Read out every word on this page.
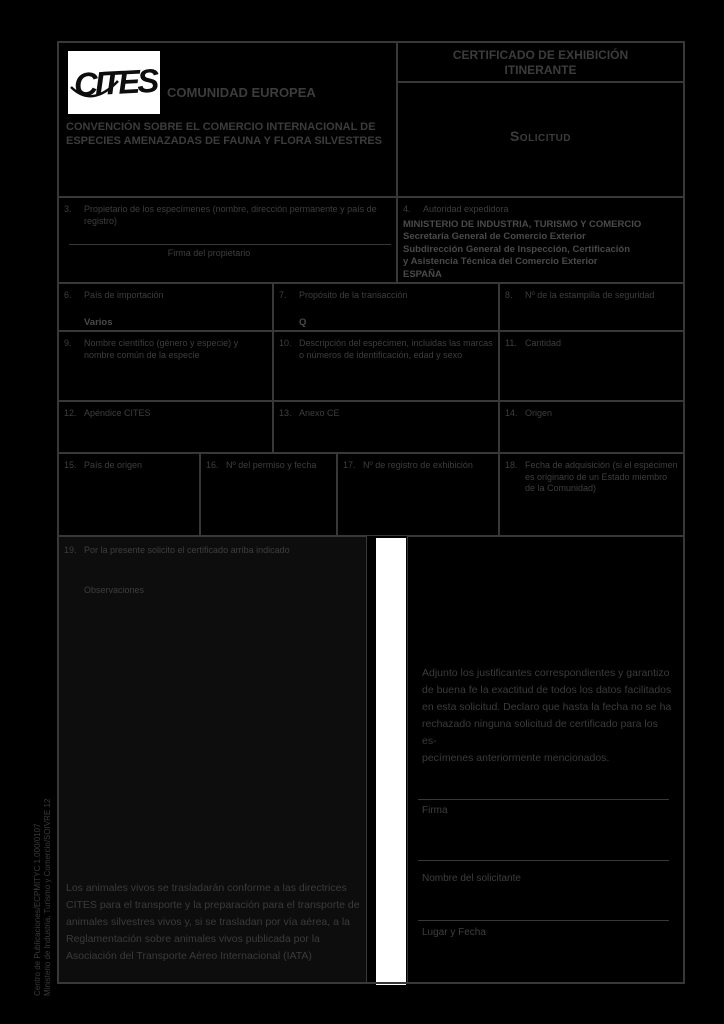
CITES COMUNIDAD EUROPEA
CONVENCIÓN SOBRE EL COMERCIO INTERNACIONAL DE
ESPECIES AMENAZADAS DE FAUNA Y FLORA SILVESTRES
CERTIFICADO DE EXHIBICIÓN
ITINERANTE
Solicitud
3.	Propietario de los especímenes (nombre, dirección permanente y país de registro)
Firma del propietario
4.	Autoridad expedidora
MINISTERIO DE INDUSTRIA, TURISMO Y COMERCIO
Secretaría General de Comercio Exterior
Subdirección General de Inspección, Certificación
y Asistencia Técnica del Comercio Exterior
ESPAÑA
6.	País de importación
Varios
7.	Propósito de la transacción
Q
8.	Nº de la estampilla de seguridad
9.	Nombre científico (género y especie) y nombre común de la especie
10. Descripción del espécimen, incluidas las marcas o números de identificación, edad y sexo
11. Cantidad
12. Apéndice CITES	13. Anexo CE	14. Origen
15. País de origen	16. Nº del permiso y fecha	17. Nº de registro de exhibición	18. Fecha de adquisición (si el espécimen es originario de un Estado miembro de la Comunidad)
19. Por la presente solicito el certificado arriba indicado
Observaciones
Los animales vivos se trasladarán conforme a las directrices
CITES para el transporte y la preparación para el transporte de
animales silvestres vivos y, si se trasladan por vía aérea, a la
Reglamentación sobre animales vivos publicada por la
Asociación del Transporte Aéreo Internacional (IATA)
Adjunto los justificantes correspondientes y garantizo
de buena fe la exactitud de todos los datos facilitados
en esta solicitud. Declaro que hasta la fecha no se ha
rechazado ninguna solicitud de certificado para los es-
pecímenes anteriormente mencionados.
Firma
Nombre del solicitante
Lugar y Fecha
Centro de Publicaciones/ECPMITYC 1.000/0107 Ministerio de Industria, Turismo y Comercio/SOIVRE 12
